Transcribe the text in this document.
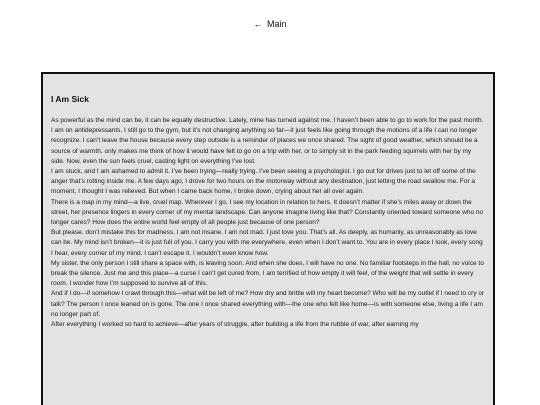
← Main
I Am Sick

As powerful as the mind can be, it can be equally destructive. Lately, mine has turned against me. I haven’t been able to go to work for the past month. I am on antidepressants. I still go to the gym, but it’s not changing anything so far—it just feels like going through the motions of a life I can no longer recognize. I can’t leave the house because every step outside is a reminder of places we once shared. The sight of good weather, which should be a source of warmth, only makes me think of how it would have felt to go on a trip with her, or to simply sit in the park feeding squirrels with her by my side. Now, even the sun feels cruel, casting light on everything I’ve lost.

I am stuck, and I am ashamed to admit it. I’ve been trying—really trying. I’ve been seeing a psychologist. I go out for drives just to let off some of the anger that’s rotting inside me. A few days ago, I drove for two hours on the motorway without any destination, just letting the road swallow me. For a moment, I thought I was relieved. But when I came back home, I broke down, crying about her all over again.

There is a map in my mind—a live, cruel map. Wherever I go, I see my location in relation to hers. It doesn’t matter if she’s miles away or down the street, her presence lingers in every corner of my mental landscape. Can anyone imagine living like that? Constantly oriented toward someone who no longer cares? How does the entire world feel empty of all people just because of one person?

But please, don’t mistake this for madness. I am not insane. I am not mad. I just love you. That’s all. As deeply, as humanly, as unreasonably as love can be. My mind isn’t broken—it is just full of you. I carry you with me everywhere, even when I don’t want to. You are in every place I look, every song I hear, every corner of my mind. I can’t escape it. I wouldn’t even know how.

My sister, the only person I still share a space with, is leaving soon. And when she does, I will have no one. No familiar footsteps in the hall, no voice to break the silence. Just me and this place—a curse I can’t get cured from. I am terrified of how empty it will feel, of the weight that will settle in every room. I wonder how I’m supposed to survive all of this.

And if I do—if somehow I crawl through this—what will be left of me? How dry and brittle will my heart become? Who will be my outlet if I need to cry or talk? The person I once leaned on is gone. The one I once shared everything with—the one who felt like home—is with someone else, living a life I am no longer part of.

After everything I worked so hard to achieve—after years of struggle, after building a life from the rubble of war, after earning my
